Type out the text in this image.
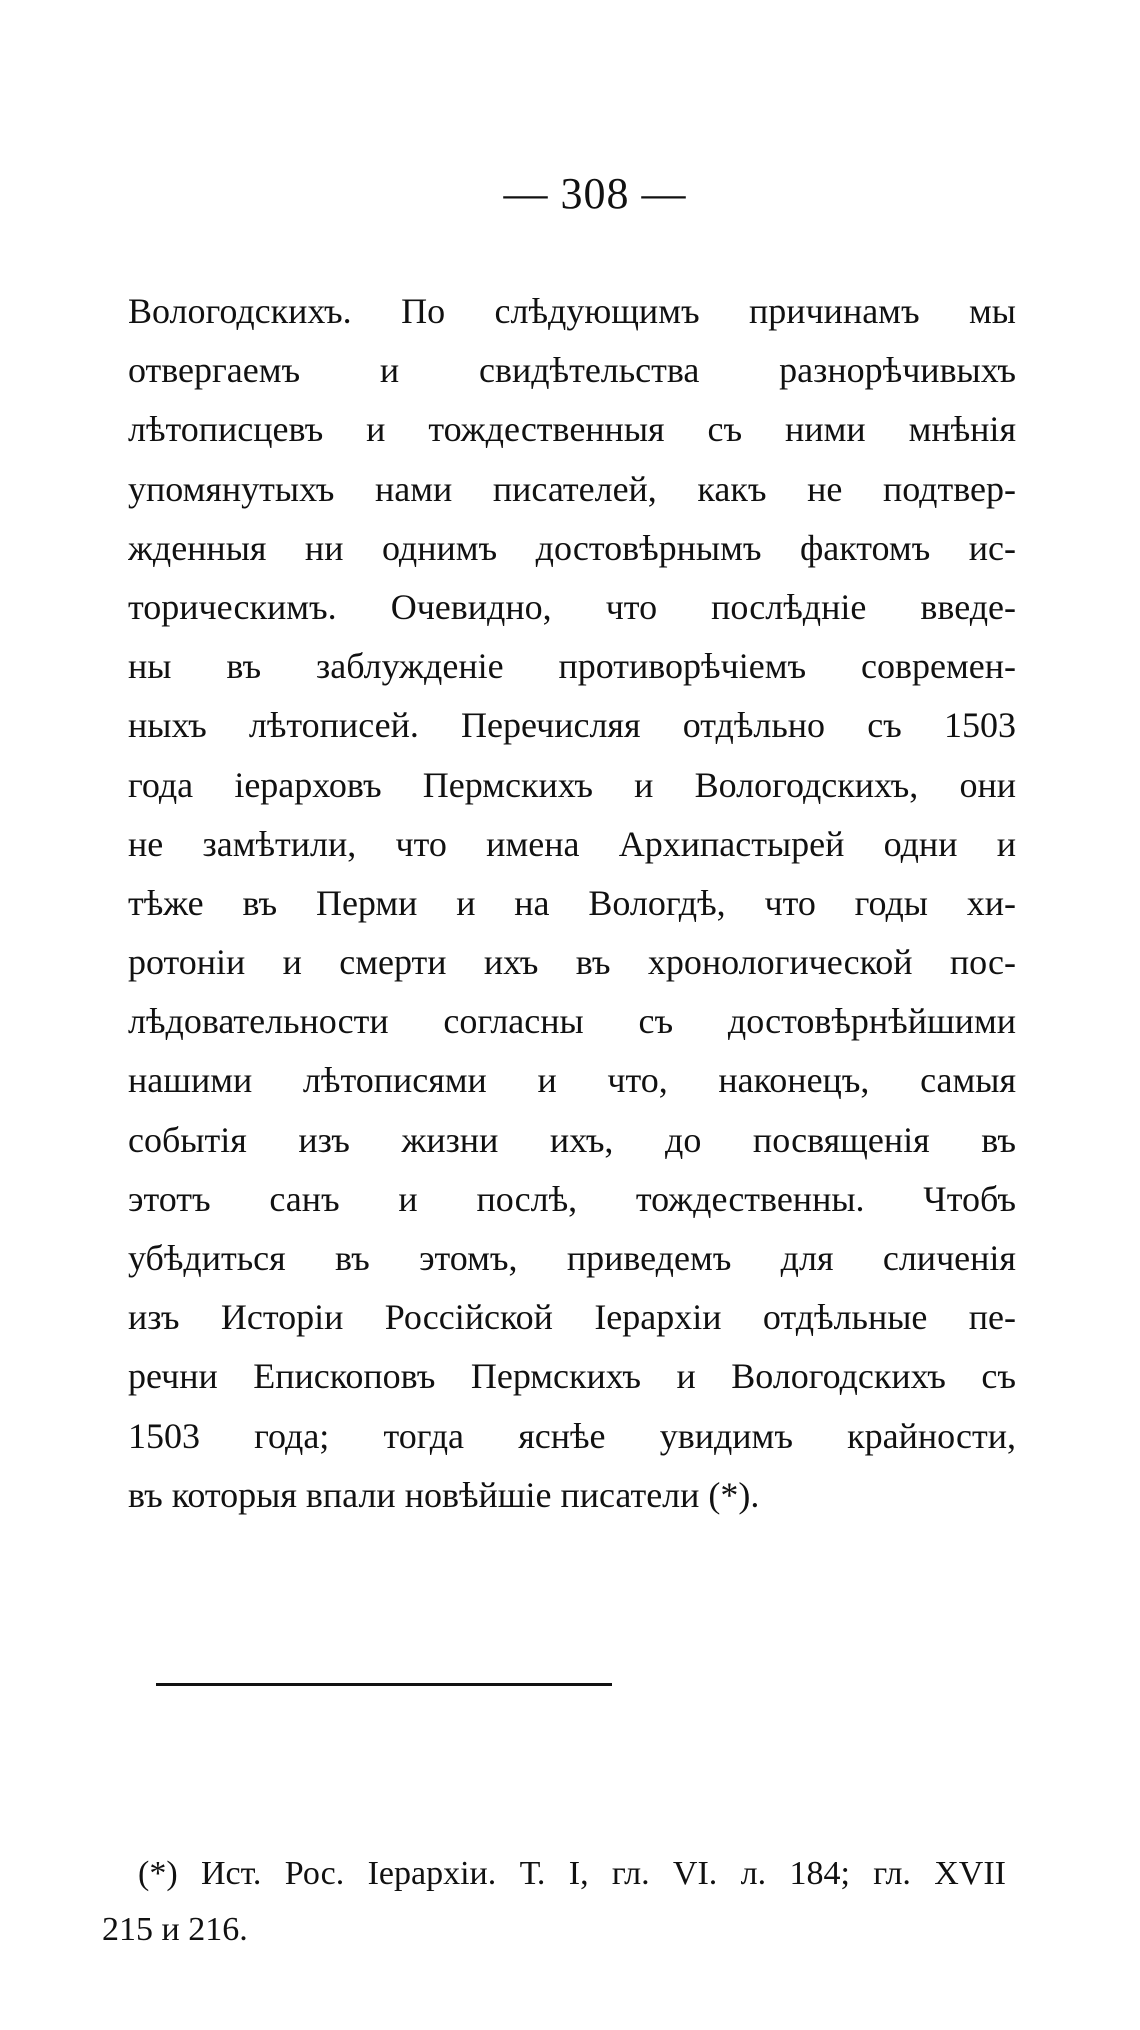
— 308 —
Вологодскихъ. По слѣдующимъ причинамъ мы
отвергаемъ и свидѣтельства разнорѣчивыхъ
лѣтописцевъ и тождественныя съ ними мнѣнія
упомянутыхъ нами писателей, какъ не подтвер-
жденныя ни однимъ достовѣрнымъ фактомъ ис-
торическимъ. Очевидно, что послѣдніе введе-
ны въ заблужденіе противорѣчіемъ современ-
ныхъ лѣтописей. Перечисляя отдѣльно съ 1503
года іерарховъ Пермскихъ и Вологодскихъ, они
не замѣтили, что имена Архипастырей одни и
тѣже въ Перми и на Вологдѣ, что годы хи-
ротоніи и смерти ихъ въ хронологической пос-
лѣдовательности согласны съ достовѣрнѣйшими
нашими лѣтописями и что, наконецъ, самыя
событія изъ жизни ихъ, до посвященія въ
этотъ санъ и послѣ, тождественны. Чтобъ
убѣдиться въ этомъ, приведемъ для сличенія
изъ Исторіи Россійской Іерархіи отдѣльные пе-
речни Епископовъ Пермскихъ и Вологодскихъ съ
1503 года; тогда яснѣе увидимъ крайности,
въ которыя впали новѣйшіе писатели (*).
(*) Ист. Рос. Іерархіи. Т. I, гл. VI. л. 184; гл. XVII
215 и 216.
